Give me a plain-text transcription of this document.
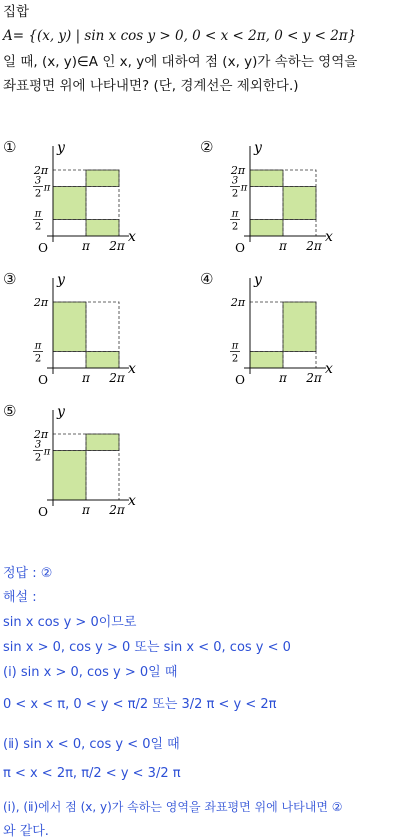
집합
A= {(x, y) | sin x cos y > 0, 0 < x < 2π, 0 < y < 2π}
일 때, (x, y)∈A 인 x, y에 대하여 점 (x, y)가 속하는 영역을
좌표평면 위에 나타내면? (단, 경계선은 제외한다.)
①	②
③	④
⑤
y
x
O	π 2π
2π
3
2
π
π
2
y
x
O	π 2π
2π
3
2
π
π
2
y
x
O	π 2π
2π
π
2
y
x
O	π 2π
2π
π
2
y
x
O	π 2π
2π
3
2
π
정답 : ②
해설 :
sin x cos y > 0이므로
sin x > 0, cos y > 0 또는 sin x < 0, cos y < 0
(ⅰ) sin x > 0, cos y > 0일 때
0 < x < π, 0 < y < π/2 또는 3/2 π < y < 2π
(ⅱ) sin x < 0, cos y < 0일 때
π < x < 2π, π/2 < y < 3/2 π
(ⅰ), (ⅱ)에서 점 (x, y)가 속하는 영역을 좌표평면 위에 나타내면 ②
와 같다.
